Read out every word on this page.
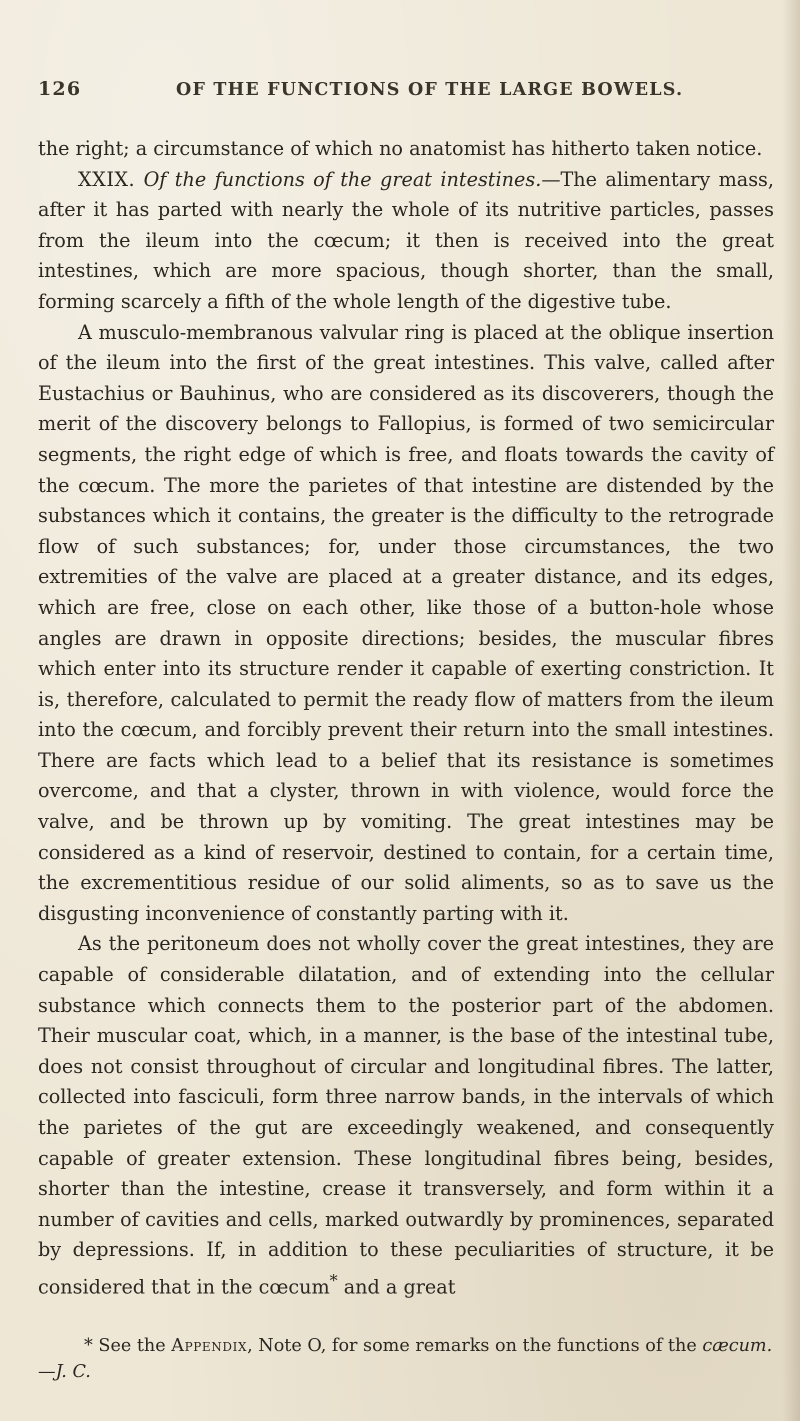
126	OF THE FUNCTIONS OF THE LARGE BOWELS.

the right; a circumstance of which no anatomist has hitherto taken notice.

XXIX. Of the functions of the great intestines.—The alimentary mass, after it has parted with nearly the whole of its nutritive particles, passes from the ileum into the cœcum; it then is received into the great intestines, which are more spacious, though shorter, than the small, forming scarcely a fifth of the whole length of the digestive tube.

A musculo-membranous valvular ring is placed at the oblique insertion of the ileum into the first of the great intestines. This valve, called after Eustachius or Bauhinus, who are considered as its discoverers, though the merit of the discovery belongs to Fallopius, is formed of two semicircular segments, the right edge of which is free, and floats towards the cavity of the cœcum. The more the parietes of that intestine are distended by the substances which it contains, the greater is the difficulty to the retrograde flow of such substances; for, under those circumstances, the two extremities of the valve are placed at a greater distance, and its edges, which are free, close on each other, like those of a button-hole whose angles are drawn in opposite directions; besides, the muscular fibres which enter into its structure render it capable of exerting constriction. It is, therefore, calculated to permit the ready flow of matters from the ileum into the cœcum, and forcibly prevent their return into the small intestines. There are facts which lead to a belief that its resistance is sometimes overcome, and that a clyster, thrown in with violence, would force the valve, and be thrown up by vomiting. The great intestines may be considered as a kind of reservoir, destined to contain, for a certain time, the excrementitious residue of our solid aliments, so as to save us the disgusting inconvenience of constantly parting with it.

As the peritoneum does not wholly cover the great intestines, they are capable of considerable dilatation, and of extending into the cellular substance which connects them to the posterior part of the abdomen. Their muscular coat, which, in a manner, is the base of the intestinal tube, does not consist throughout of circular and longitudinal fibres. The latter, collected into fasciculi, form three narrow bands, in the intervals of which the parietes of the gut are exceedingly weakened, and consequently capable of greater extension. These longitudinal fibres being, besides, shorter than the intestine, crease it transversely, and form within it a number of cavities and cells, marked outwardly by prominences, separated by depressions. If, in addition to these peculiarities of structure, it be considered that in the cœcum* and a great

* See the Appendix, Note O, for some remarks on the functions of the cæcum.

—J. C.
